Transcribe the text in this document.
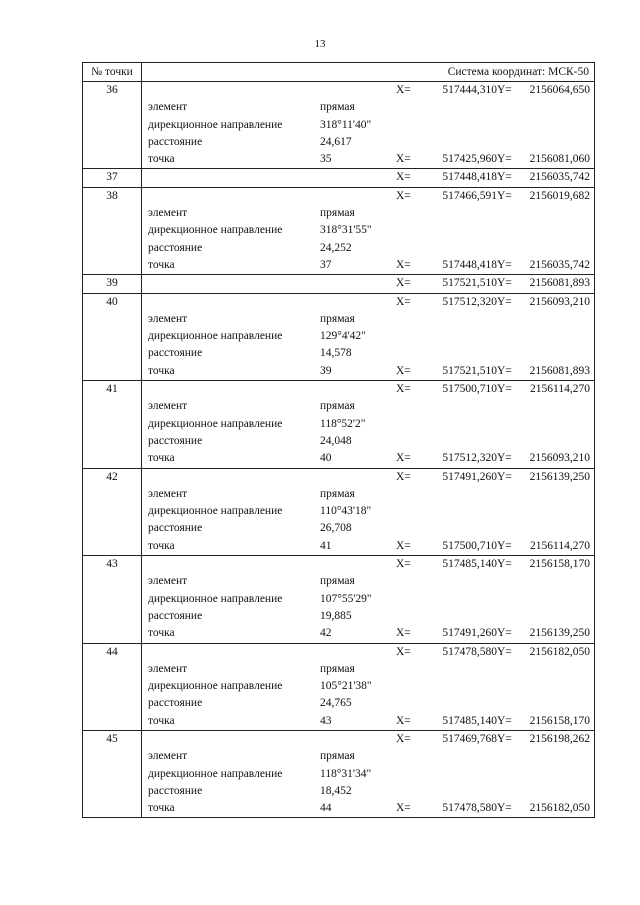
13
№ точки	Система координат: МСК-50
36	X=	517444,310 Y=	2156064,650
элемент	прямая
дирекционное направление	318°11'40"
расстояние	24,617
точка	35	X=	517425,960 Y=	2156081,060
37	X=	517448,418 Y=	2156035,742
38	X=	517466,591 Y=	2156019,682
элемент	прямая
дирекционное направление	318°31'55"
расстояние	24,252
точка	37	X=	517448,418 Y=	2156035,742
39	X=	517521,510 Y=	2156081,893
40	X=	517512,320 Y=	2156093,210
элемент	прямая
дирекционное направление	129°4'42"
расстояние	14,578
точка	39	X=	517521,510 Y=	2156081,893
41	X=	517500,710 Y=	2156114,270
элемент	прямая
дирекционное направление	118°52'2"
расстояние	24,048
точка	40	X=	517512,320 Y=	2156093,210
42	X=	517491,260 Y=	2156139,250
элемент	прямая
дирекционное направление	110°43'18"
расстояние	26,708
точка	41	X=	517500,710 Y=	2156114,270
43	X=	517485,140 Y=	2156158,170
элемент	прямая
дирекционное направление	107°55'29"
расстояние	19,885
точка	42	X=	517491,260 Y=	2156139,250
44	X=	517478,580 Y=	2156182,050
элемент	прямая
дирекционное направление	105°21'38"
расстояние	24,765
точка	43	X=	517485,140 Y=	2156158,170
45	X=	517469,768 Y=	2156198,262
элемент	прямая
дирекционное направление	118°31'34"
расстояние	18,452
точка	44	X=	517478,580 Y=	2156182,050
